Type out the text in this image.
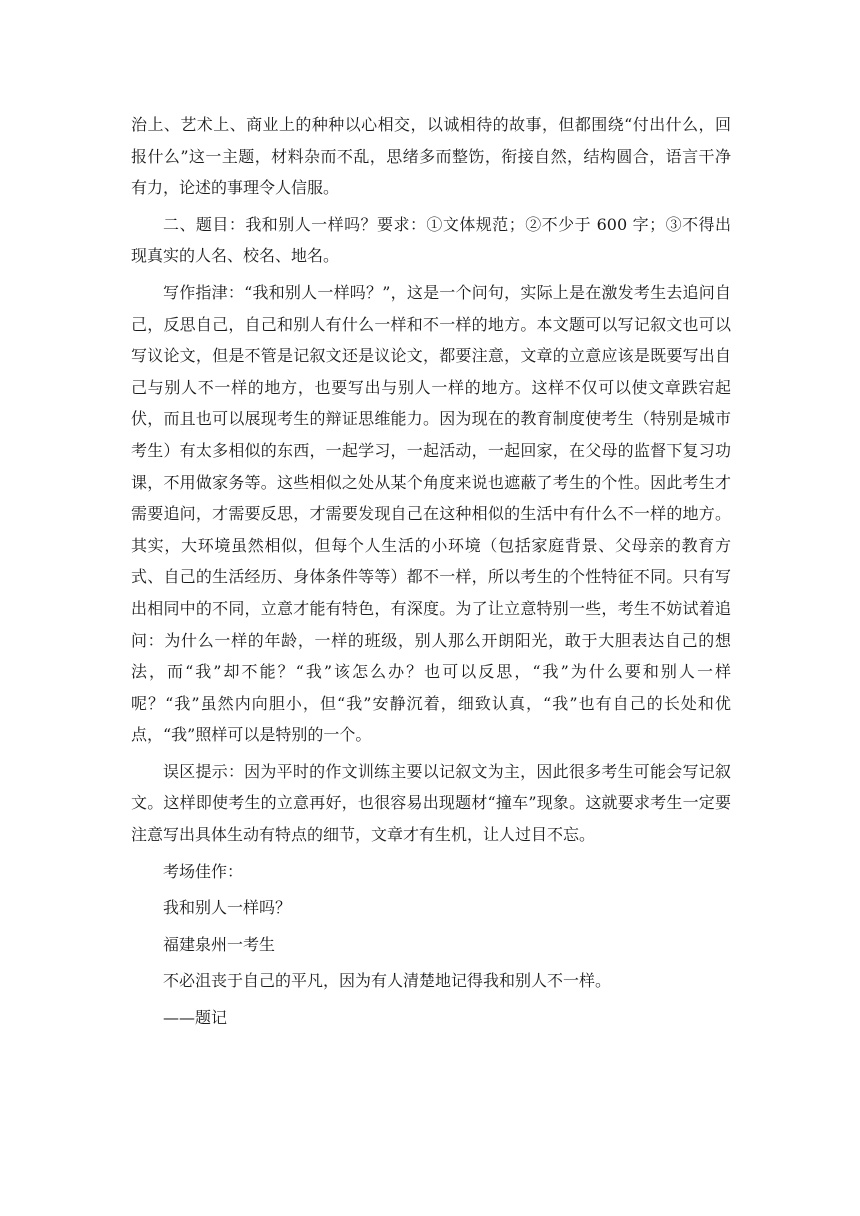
治上、艺术上、商业上的种种以心相交，以诚相待的故事，但都围绕“付出什么，回报什么”这一主题，材料杂而不乱，思绪多而整饬，衔接自然，结构圆合，语言干净有力，论述的事理令人信服。

二、题目：我和别人一样吗？要求：①文体规范；②不少于 600 字；③不得出现真实的人名、校名、地名。

写作指津：“我和别人一样吗？”，这是一个问句，实际上是在激发考生去追问自己，反思自己，自己和别人有什么一样和不一样的地方。本文题可以写记叙文也可以写议论文，但是不管是记叙文还是议论文，都要注意，文章的立意应该是既要写出自己与别人不一样的地方，也要写出与别人一样的地方。这样不仅可以使文章跌宕起伏，而且也可以展现考生的辩证思维能力。因为现在的教育制度使考生（特别是城市考生）有太多相似的东西，一起学习，一起活动，一起回家，在父母的监督下复习功课，不用做家务等。这些相似之处从某个角度来说也遮蔽了考生的个性。因此考生才需要追问，才需要反思，才需要发现自己在这种相似的生活中有什么不一样的地方。其实，大环境虽然相似，但每个人生活的小环境（包括家庭背景、父母亲的教育方式、自己的生活经历、身体条件等等）都不一样，所以考生的个性特征不同。只有写出相同中的不同，立意才能有特色，有深度。为了让立意特别一些，考生不妨试着追问：为什么一样的年龄，一样的班级，别人那么开朗阳光，敢于大胆表达自己的想法，而“我”却不能？“我”该怎么办？也可以反思，“我”为什么要和别人一样呢？“我”虽然内向胆小，但“我”安静沉着，细致认真，“我”也有自己的长处和优点，“我”照样可以是特别的一个。

误区提示：因为平时的作文训练主要以记叙文为主，因此很多考生可能会写记叙文。这样即使考生的立意再好，也很容易出现题材“撞车”现象。这就要求考生一定要注意写出具体生动有特点的细节，文章才有生机，让人过目不忘。

考场佳作：

我和别人一样吗？

福建泉州一考生

不必沮丧于自己的平凡，因为有人清楚地记得我和别人不一样。

——题记
